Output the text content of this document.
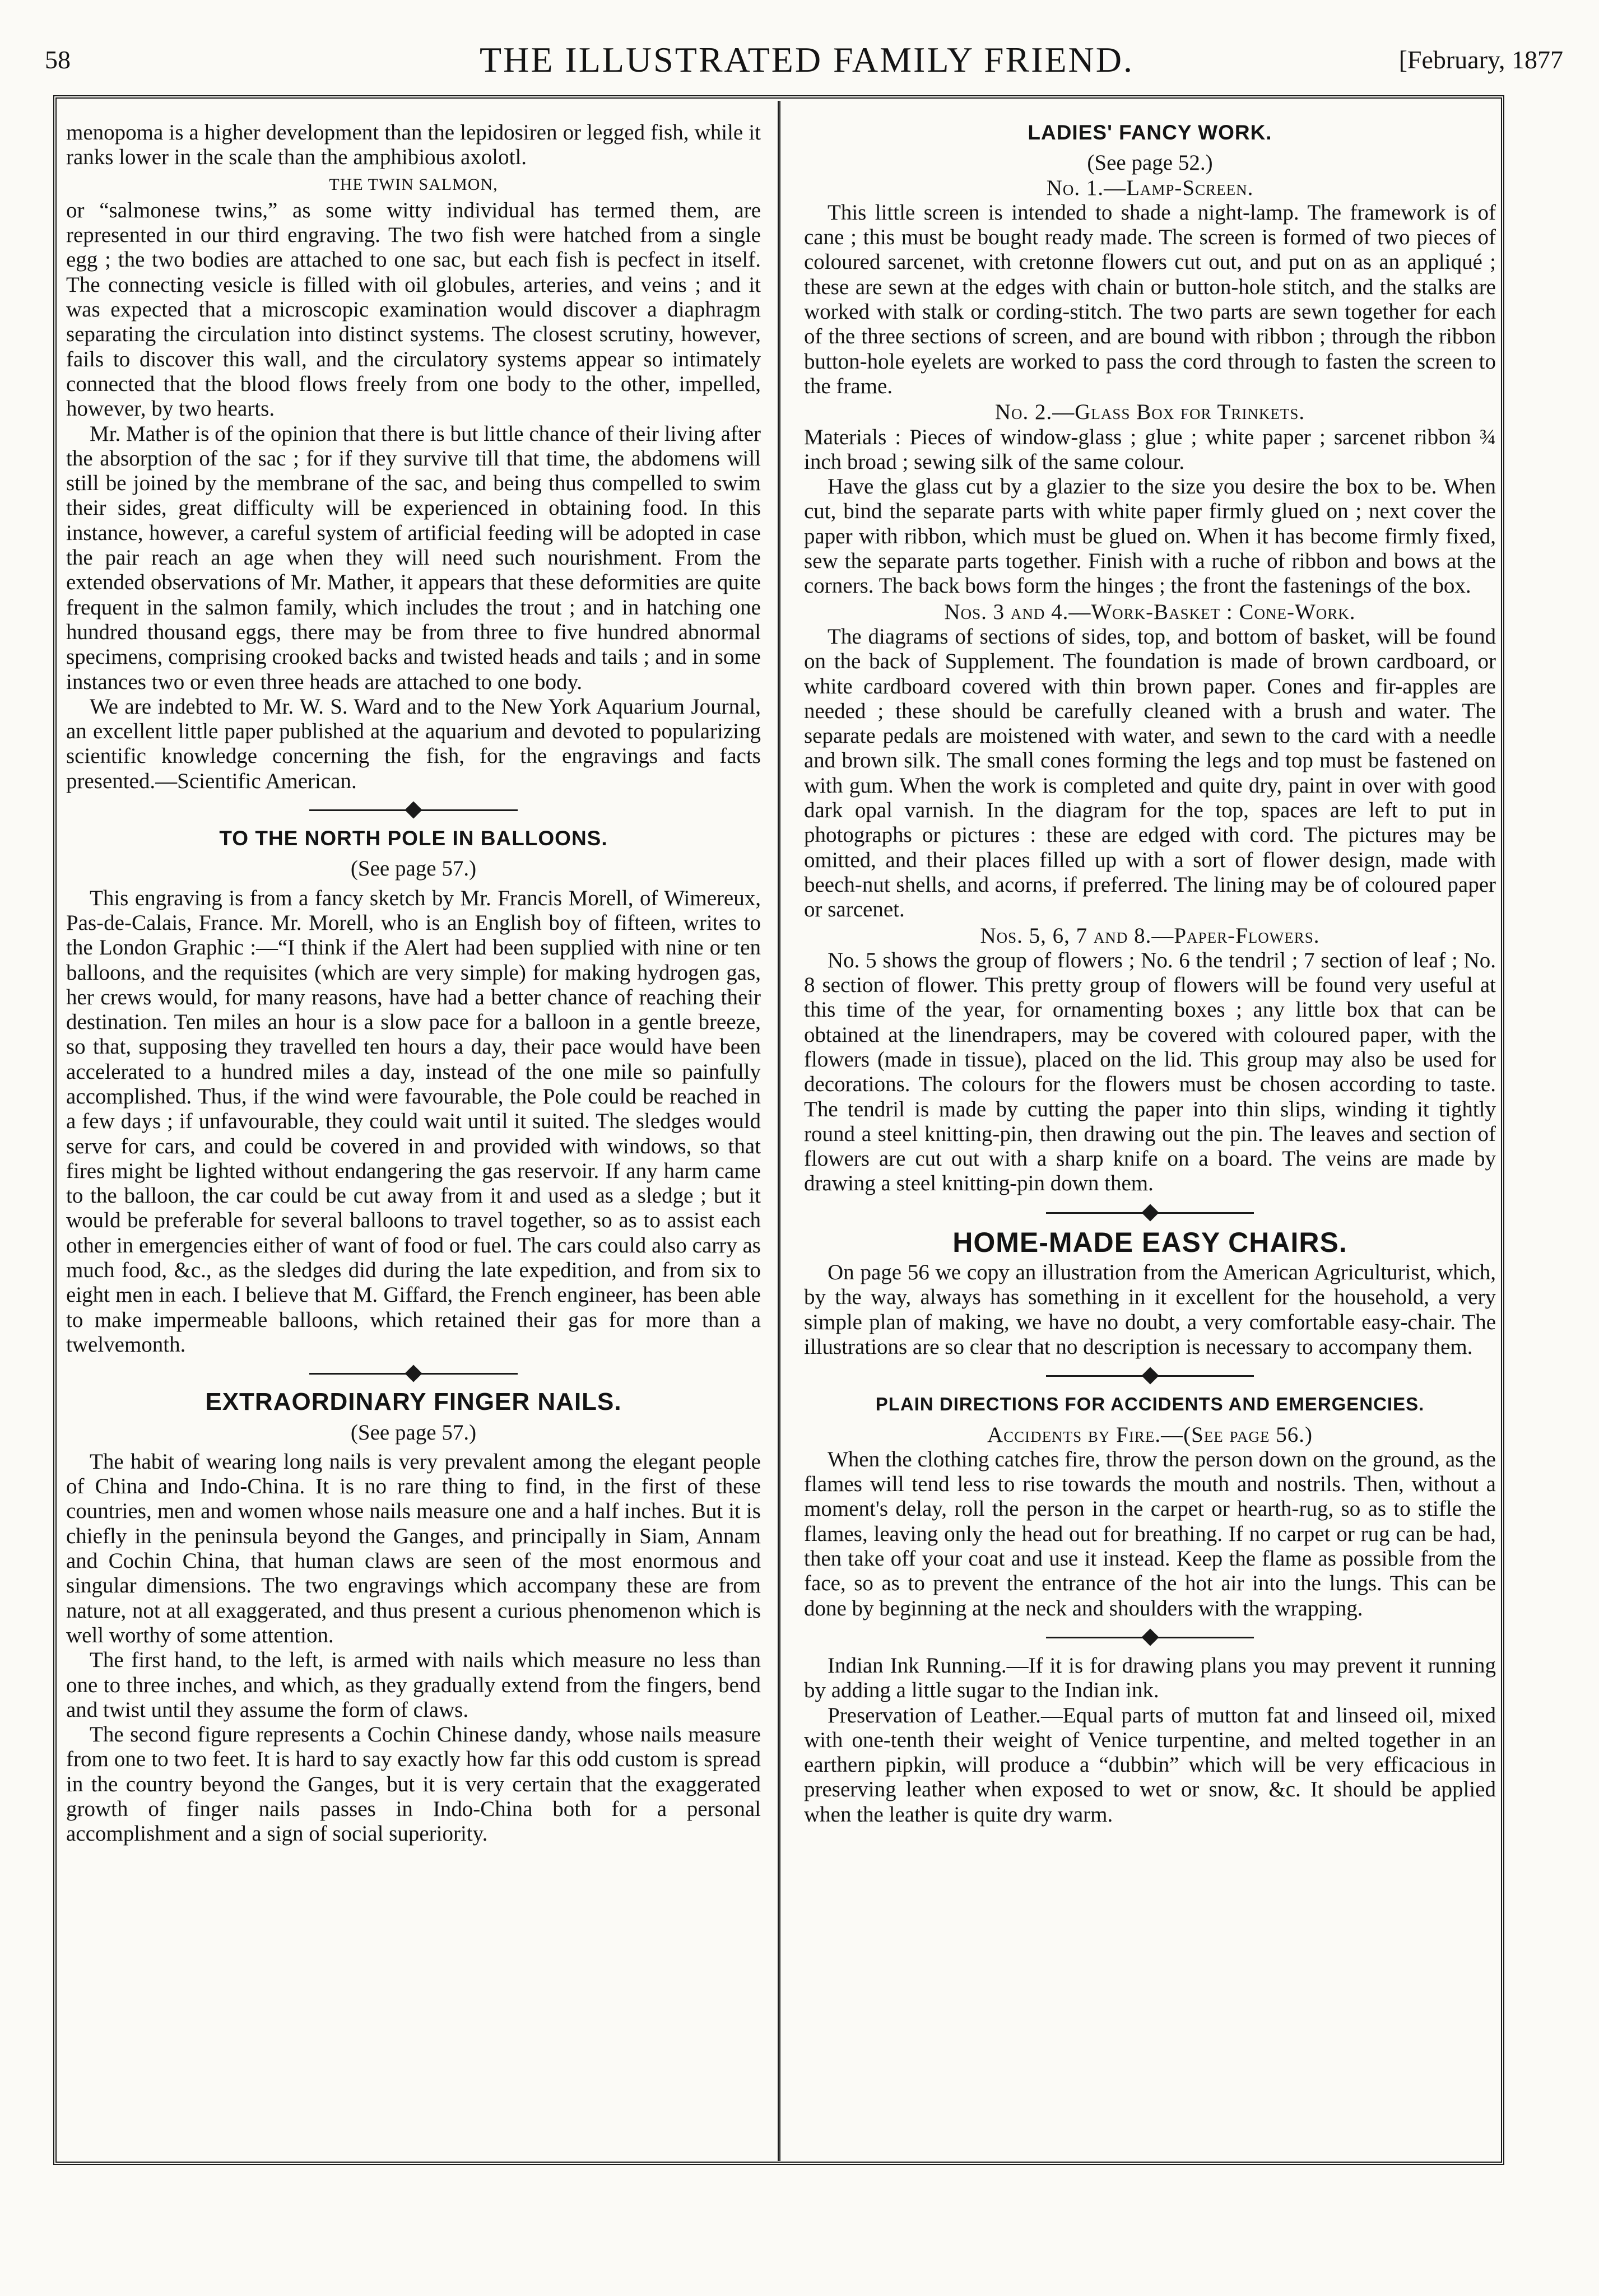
58	THE ILLUSTRATED FAMILY FRIEND.	[February, 1877

menopoma is a higher development than the lepidosiren or legged fish, while it ranks lower in the scale than the amphibious axolotl.

THE TWIN SALMON,

or “salmonese twins,” as some witty individual has termed them, are represented in our third engraving. The two fish were hatched from a single egg ; the two bodies are attached to one sac, but each fish is pecfect in itself. The connecting vesicle is filled with oil globules, arteries, and veins ; and it was expected that a microscopic examination would discover a diaphragm separating the circulation into distinct systems. The closest scrutiny, however, fails to discover this wall, and the circulatory systems appear so intimately connected that the blood flows freely from one body to the other, impelled, however, by two hearts.

Mr. Mather is of the opinion that there is but little chance of their living after the absorption of the sac ; for if they survive till that time, the abdomens will still be joined by the membrane of the sac, and being thus compelled to swim their sides, great difficulty will be experienced in obtaining food. In this instance, however, a careful system of artificial feeding will be adopted in case the pair reach an age when they will need such nourishment. From the extended observations of Mr. Mather, it appears that these deformities are quite frequent in the salmon family, which includes the trout ; and in hatching one hundred thousand eggs, there may be from three to five hundred abnormal specimens, comprising crooked backs and twisted heads and tails ; and in some instances two or even three heads are attached to one body.

We are indebted to Mr. W. S. Ward and to the New York Aquarium Journal, an excellent little paper published at the aquarium and devoted to popularizing scientific knowledge concerning the fish, for the engravings and facts presented.—Scientific American.

TO THE NORTH POLE IN BALLOONS.
(See page 57.)

This engraving is from a fancy sketch by Mr. Francis Morell, of Wimereux, Pas-de-Calais, France. Mr. Morell, who is an English boy of fifteen, writes to the London Graphic :—“I think if the Alert had been supplied with nine or ten balloons, and the requisites (which are very simple) for making hydrogen gas, her crews would, for many reasons, have had a better chance of reaching their destination. Ten miles an hour is a slow pace for a balloon in a gentle breeze, so that, supposing they travelled ten hours a day, their pace would have been accelerated to a hundred miles a day, instead of the one mile so painfully accomplished. Thus, if the wind were favourable, the Pole could be reached in a few days ; if unfavourable, they could wait until it suited. The sledges would serve for cars, and could be covered in and provided with windows, so that fires might be lighted without endangering the gas reservoir. If any harm came to the balloon, the car could be cut away from it and used as a sledge ; but it would be preferable for several balloons to travel together, so as to assist each other in emergencies either of want of food or fuel. The cars could also carry as much food, &c., as the sledges did during the late expedition, and from six to eight men in each. I believe that M. Giffard, the French engineer, has been able to make impermeable balloons, which retained their gas for more than a twelvemonth.

EXTRAORDINARY FINGER NAILS.
(See page 57.)

The habit of wearing long nails is very prevalent among the elegant people of China and Indo-China. It is no rare thing to find, in the first of these countries, men and women whose nails measure one and a half inches. But it is chiefly in the peninsula beyond the Ganges, and principally in Siam, Annam and Cochin China, that human claws are seen of the most enormous and singular dimensions. The two engravings which accompany these are from nature, not at all exaggerated, and thus present a curious phenomenon which is well worthy of some attention.

The first hand, to the left, is armed with nails which measure no less than one to three inches, and which, as they gradually extend from the fingers, bend and twist until they assume the form of claws.

The second figure represents a Cochin Chinese dandy, whose nails measure from one to two feet. It is hard to say exactly how far this odd custom is spread in the country beyond the Ganges, but it is very certain that the exaggerated growth of finger nails passes in Indo-China both for a personal accomplishment and a sign of social superiority.

LADIES' FANCY WORK.
(See page 52.)
No. 1.—Lamp-Screen.

This little screen is intended to shade a night-lamp. The framework is of cane ; this must be bought ready made. The screen is formed of two pieces of coloured sarcenet, with cretonne flowers cut out, and put on as an appliqué ; these are sewn at the edges with chain or button-hole stitch, and the stalks are worked with stalk or cording-stitch. The two parts are sewn together for each of the three sections of screen, and are bound with ribbon ; through the ribbon button-hole eyelets are worked to pass the cord through to fasten the screen to the frame.

No. 2.—Glass Box for Trinkets.

Materials : Pieces of window-glass ; glue ; white paper ; sarcenet ribbon ¾ inch broad ; sewing silk of the same colour.

Have the glass cut by a glazier to the size you desire the box to be. When cut, bind the separate parts with white paper firmly glued on ; next cover the paper with ribbon, which must be glued on. When it has become firmly fixed, sew the separate parts together. Finish with a ruche of ribbon and bows at the corners. The back bows form the hinges ; the front the fastenings of the box.

Nos. 3 and 4.—Work-Basket : Cone-Work.

The diagrams of sections of sides, top, and bottom of basket, will be found on the back of Supplement. The foundation is made of brown cardboard, or white cardboard covered with thin brown paper. Cones and fir-apples are needed ; these should be carefully cleaned with a brush and water. The separate pedals are moistened with water, and sewn to the card with a needle and brown silk. The small cones forming the legs and top must be fastened on with gum. When the work is completed and quite dry, paint in over with good dark opal varnish. In the diagram for the top, spaces are left to put in photographs or pictures : these are edged with cord. The pictures may be omitted, and their places filled up with a sort of flower design, made with beech-nut shells, and acorns, if preferred. The lining may be of coloured paper or sarcenet.

Nos. 5, 6, 7 and 8.—Paper-Flowers.

No. 5 shows the group of flowers ; No. 6 the tendril ; 7 section of leaf ; No. 8 section of flower. This pretty group of flowers will be found very useful at this time of the year, for ornamenting boxes ; any little box that can be obtained at the linendrapers, may be covered with coloured paper, with the flowers (made in tissue), placed on the lid. This group may also be used for decorations. The colours for the flowers must be chosen according to taste. The tendril is made by cutting the paper into thin slips, winding it tightly round a steel knitting-pin, then drawing out the pin. The leaves and section of flowers are cut out with a sharp knife on a board. The veins are made by drawing a steel knitting-pin down them.

HOME-MADE EASY CHAIRS.

On page 56 we copy an illustration from the American Agriculturist, which, by the way, always has something in it excellent for the household, a very simple plan of making, we have no doubt, a very comfortable easy-chair. The illustrations are so clear that no description is necessary to accompany them.

PLAIN DIRECTIONS FOR ACCIDENTS AND EMERGENCIES.
Accidents by Fire.—(See page 56.)

When the clothing catches fire, throw the person down on the ground, as the flames will tend less to rise towards the mouth and nostrils. Then, without a moment's delay, roll the person in the carpet or hearth-rug, so as to stifle the flames, leaving only the head out for breathing. If no carpet or rug can be had, then take off your coat and use it instead. Keep the flame as possible from the face, so as to prevent the entrance of the hot air into the lungs. This can be done by beginning at the neck and shoulders with the wrapping.

Indian Ink Running.—If it is for drawing plans you may prevent it running by adding a little sugar to the Indian ink.

Preservation of Leather.—Equal parts of mutton fat and linseed oil, mixed with one-tenth their weight of Venice turpentine, and melted together in an earthern pipkin, will produce a “dubbin” which will be very efficacious in preserving leather when exposed to wet or snow, &c. It should be applied when the leather is quite dry warm.
